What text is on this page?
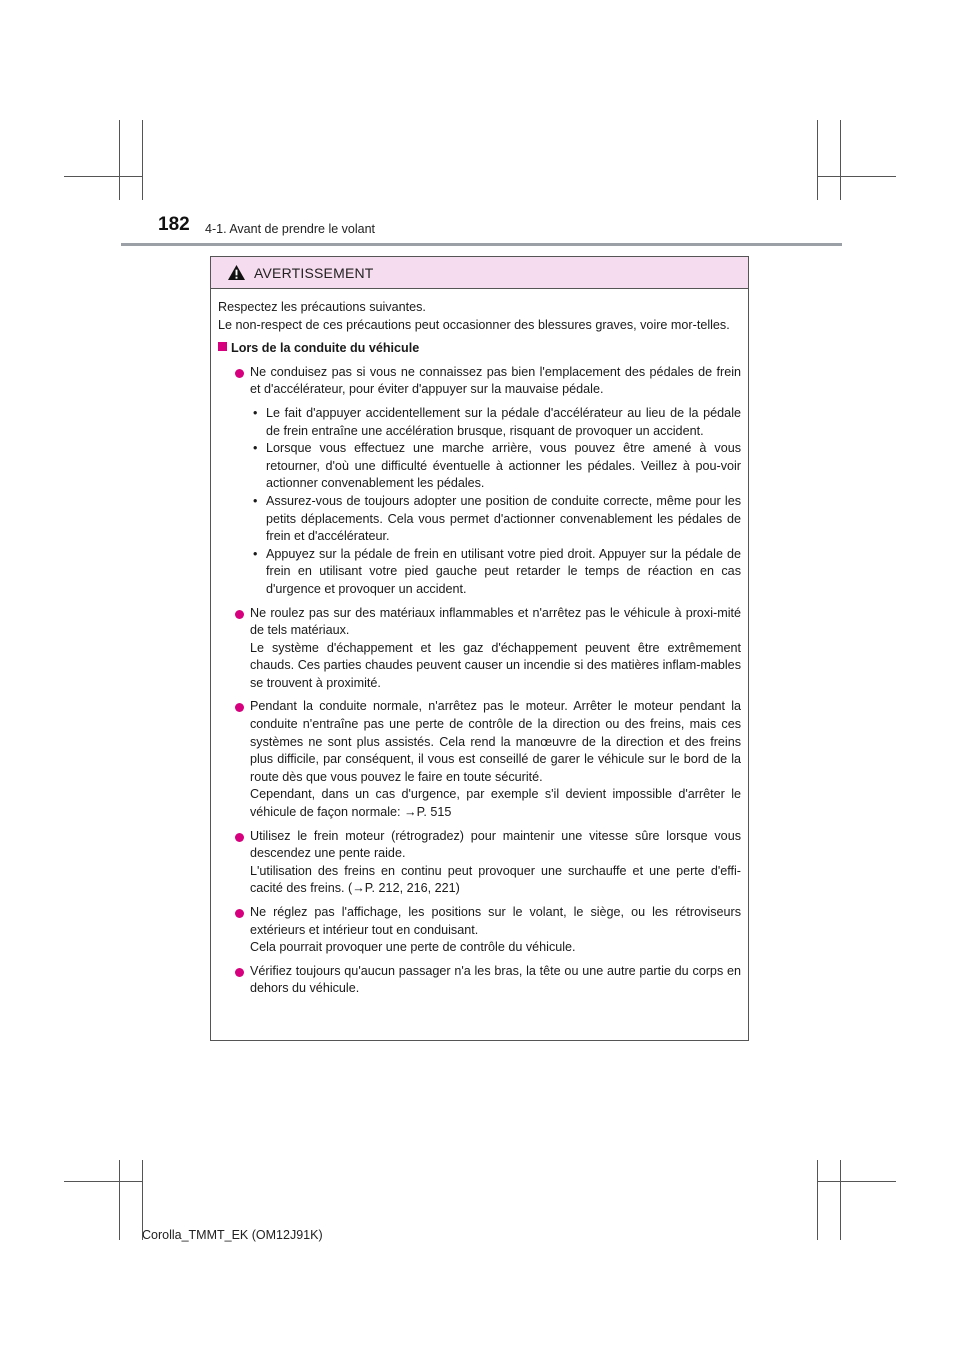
182 4-1. Avant de prendre le volant
AVERTISSEMENT

Respectez les précautions suivantes.
Le non-respect de ces précautions peut occasionner des blessures graves, voire mor-telles.

Lors de la conduite du véhicule
Ne conduisez pas si vous ne connaissez pas bien l'emplacement des pédales de frein et d'accélérateur, pour éviter d'appuyer sur la mauvaise pédale.
• Le fait d'appuyer accidentellement sur la pédale d'accélérateur au lieu de la pédale de frein entraîne une accélération brusque, risquant de provoquer un accident.
• Lorsque vous effectuez une marche arrière, vous pouvez être amené à vous retourner, d'où une difficulté éventuelle à actionner les pédales. Veillez à pou-voir actionner convenablement les pédales.
• Assurez-vous de toujours adopter une position de conduite correcte, même pour les petits déplacements. Cela vous permet d'actionner convenablement les pédales de frein et d'accélérateur.
• Appuyez sur la pédale de frein en utilisant votre pied droit. Appuyer sur la pédale de frein en utilisant votre pied gauche peut retarder le temps de réaction en cas d'urgence et provoquer un accident.
Ne roulez pas sur des matériaux inflammables et n'arrêtez pas le véhicule à proxi-mité de tels matériaux.
Le système d'échappement et les gaz d'échappement peuvent être extrêmement chauds. Ces parties chaudes peuvent causer un incendie si des matières inflam-mables se trouvent à proximité.
Pendant la conduite normale, n'arrêtez pas le moteur. Arrêter le moteur pendant la conduite n'entraîne pas une perte de contrôle de la direction ou des freins, mais ces systèmes ne sont plus assistés. Cela rend la manœuvre de la direction et des freins plus difficile, par conséquent, il vous est conseillé de garer le véhicule sur le bord de la route dès que vous pouvez le faire en toute sécurité.
Cependant, dans un cas d'urgence, par exemple s'il devient impossible d'arrêter le véhicule de façon normale: →P. 515
Utilisez le frein moteur (rétrogradez) pour maintenir une vitesse sûre lorsque vous descendez une pente raide.
L'utilisation des freins en continu peut provoquer une surchauffe et une perte d'effi-cacité des freins. (→P. 212, 216, 221)
Ne réglez pas l'affichage, les positions sur le volant, le siège, ou les rétroviseurs extérieurs et intérieur tout en conduisant.
Cela pourrait provoquer une perte de contrôle du véhicule.
Vérifiez toujours qu'aucun passager n'a les bras, la tête ou une autre partie du corps en dehors du véhicule.
Corolla_TMMT_EK (OM12J91K)
